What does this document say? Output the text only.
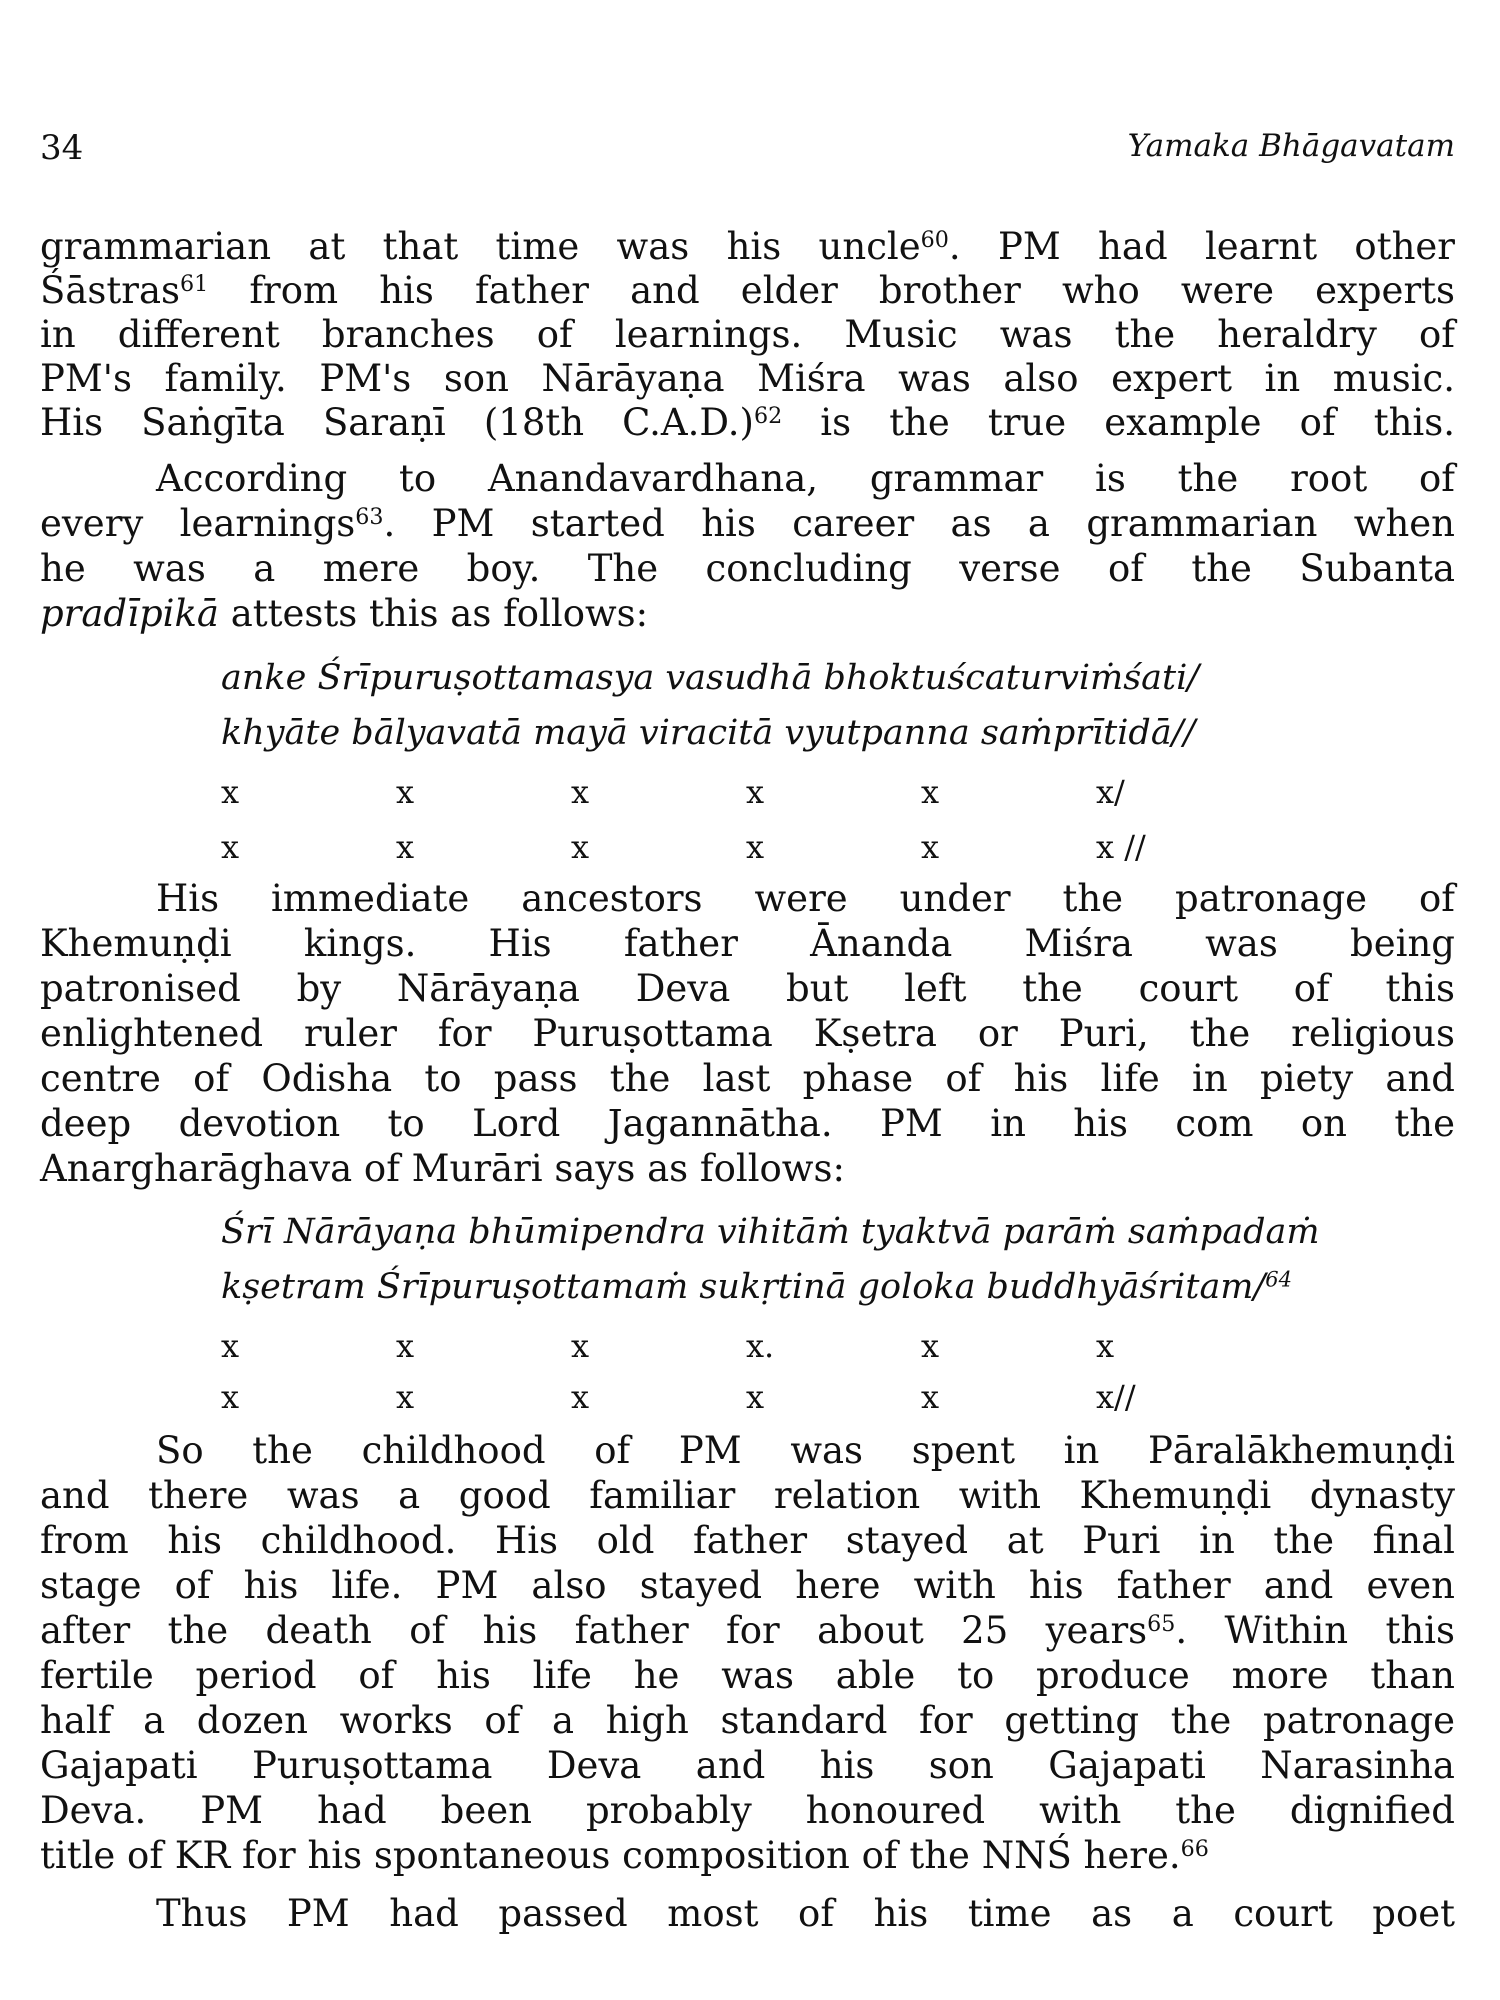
34	Yamaka Bhāgavatam
grammarian at that time was his uncle$^{60}$. PM had learnt other
Śāstras$^{61}$ from his father and elder brother who were experts
in different branches of learnings. Music was the heraldry of
PM's family. PM's son Nārāyaṇa Miśra was also expert in music.
His Saṅgīta Saraṇī (18th C.A.D.)$^{62}$ is the true example of this.
According to Anandavardhana, grammar is the root of
every learnings$^{63}$. PM started his career as a grammarian when
he was a mere boy. The concluding verse of the Subanta
pradīpikā attests this as follows:
anke Śrīpuruṣottamasya vasudhā bhoktuścaturviṁśati/
khyāte bālyavatā mayā viracitā vyutpanna saṁprītidā//
x	x	x	x	x	x/
x	x	x	x	x	x //
His immediate ancestors were under the patronage of
Khemuṇḍi kings. His father Ānanda Miśra was being
patronised by Nārāyaṇa Deva but left the court of this
enlightened ruler for Puruṣottama Kṣetra or Puri, the religious
centre of Odisha to pass the last phase of his life in piety and
deep devotion to Lord Jagannātha. PM in his com on the
Anargharāghava of Murāri says as follows:
Śrī Nārāyaṇa bhūmipendra vihitāṁ tyaktvā parāṁ saṁpadaṁ
kṣetram Śrīpuruṣottamaṁ sukṛtinā goloka buddhyāśritam/$^{64}$
x	x	x	x.	x	x
x	x	x	x	x	x//
So the childhood of PM was spent in Pāralākhemuṇḍi
and there was a good familiar relation with Khemuṇḍi dynasty
from his childhood. His old father stayed at Puri in the final
stage of his life. PM also stayed here with his father and even
after the death of his father for about 25 years$^{65}$. Within this
fertile period of his life he was able to produce more than
half a dozen works of a high standard for getting the patronage
Gajapati Puruṣottama Deva and his son Gajapati Narasinha
Deva. PM had been probably honoured with the dignified
title of KR for his spontaneous composition of the NNŚ here.$^{66}$
Thus PM had passed most of his time as a court poet
